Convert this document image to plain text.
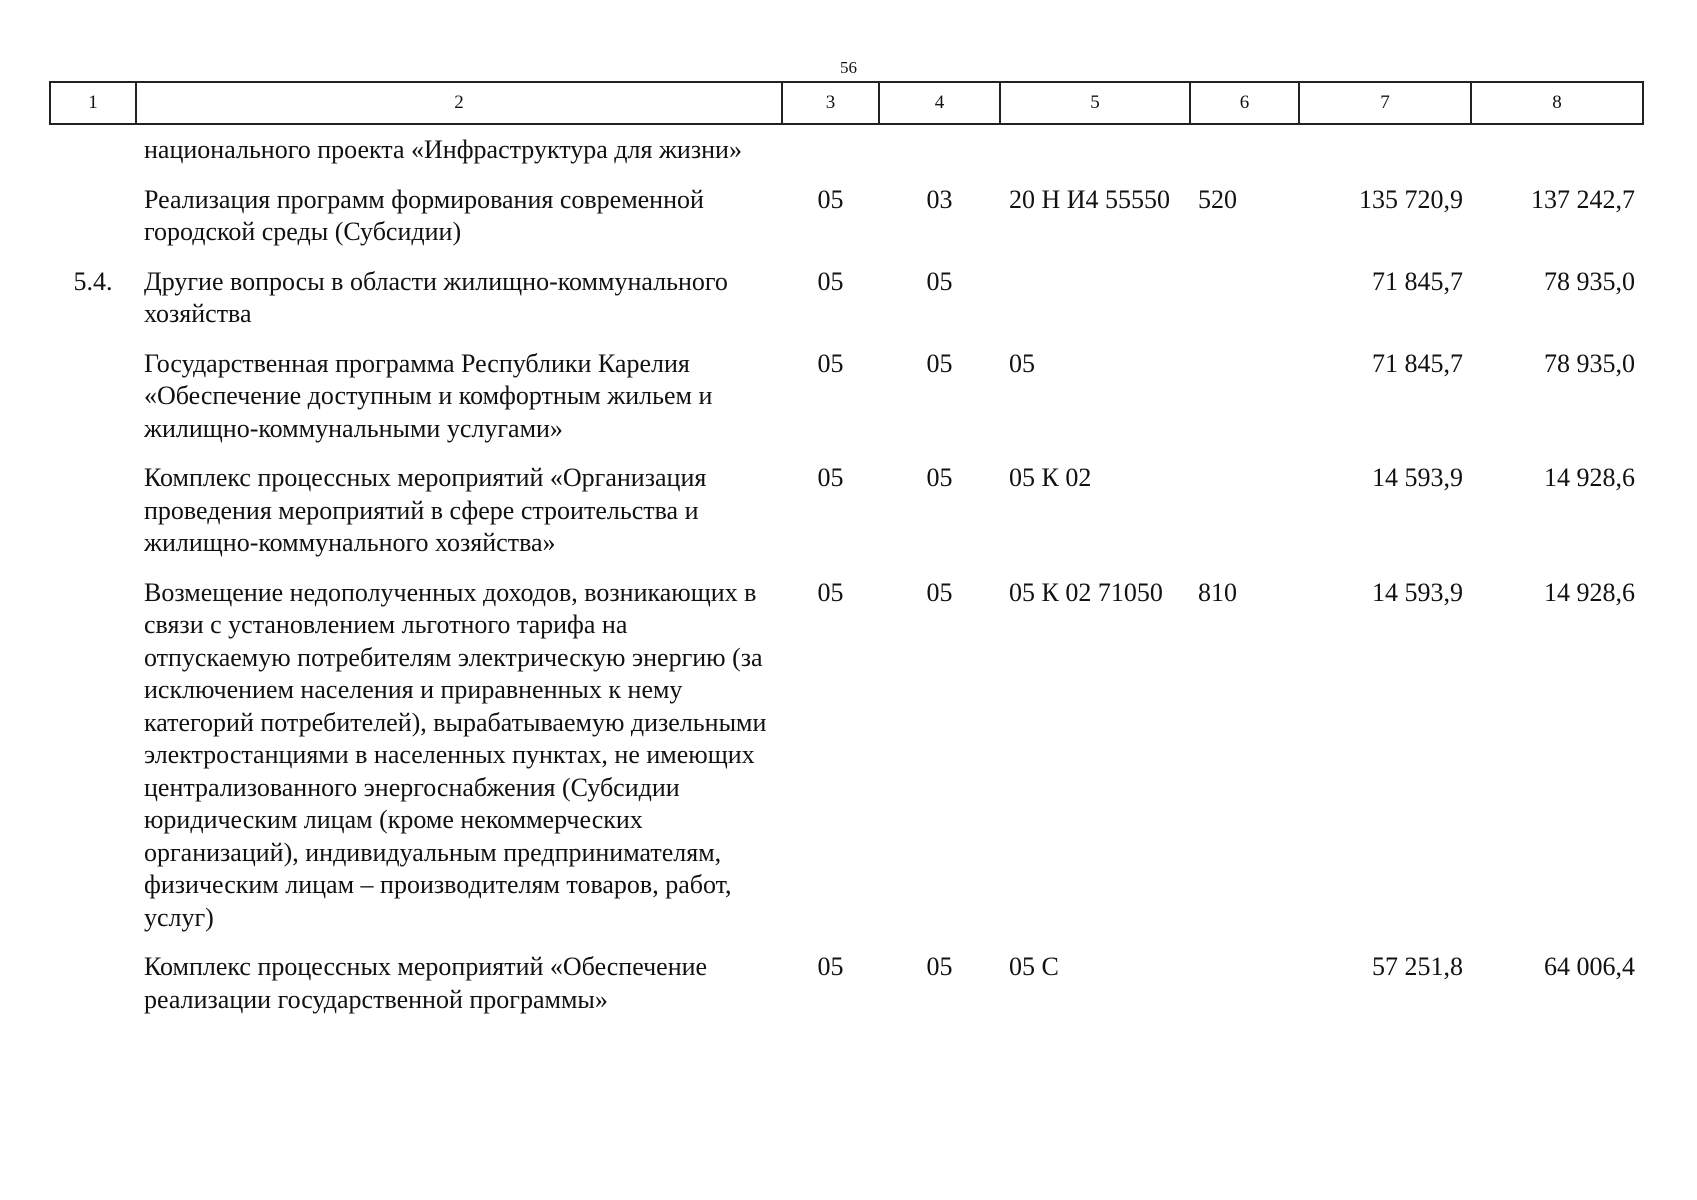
56
1	2	3	4	5	6	7	8
	национального проекта «Инфраструктура для жизни»						
	Реализация программ формирования современной городской среды (Субсидии)	05	03	20 Н И4 55550	520	135 720,9	137 242,7
5.4.	Другие вопросы в области жилищно-коммунального хозяйства	05	05			71 845,7	78 935,0
	Государственная программа Республики Карелия «Обеспечение доступным и комфортным жильем и жилищно-коммунальными услугами»	05	05	05		71 845,7	78 935,0
	Комплекс процессных мероприятий «Организация проведения мероприятий в сфере строительства и жилищно-коммунального хозяйства»	05	05	05 К 02		14 593,9	14 928,6
	Возмещение недополученных доходов, возникающих в связи с установлением льготного тарифа на отпускаемую потребителям электрическую энергию (за исключением населения и приравненных к нему категорий потребителей), вырабатываемую дизельными электростанциями в населенных пунктах, не имеющих централизованного энергоснабжения (Субсидии юридическим лицам (кроме некоммерческих организаций), индивидуальным предпринимателям, физическим лицам – производителям товаров, работ, услуг)	05	05	05 К 02 71050	810	14 593,9	14 928,6
	Комплекс процессных мероприятий «Обеспечение реализации государственной программы»	05	05	05 С		57 251,8	64 006,4
